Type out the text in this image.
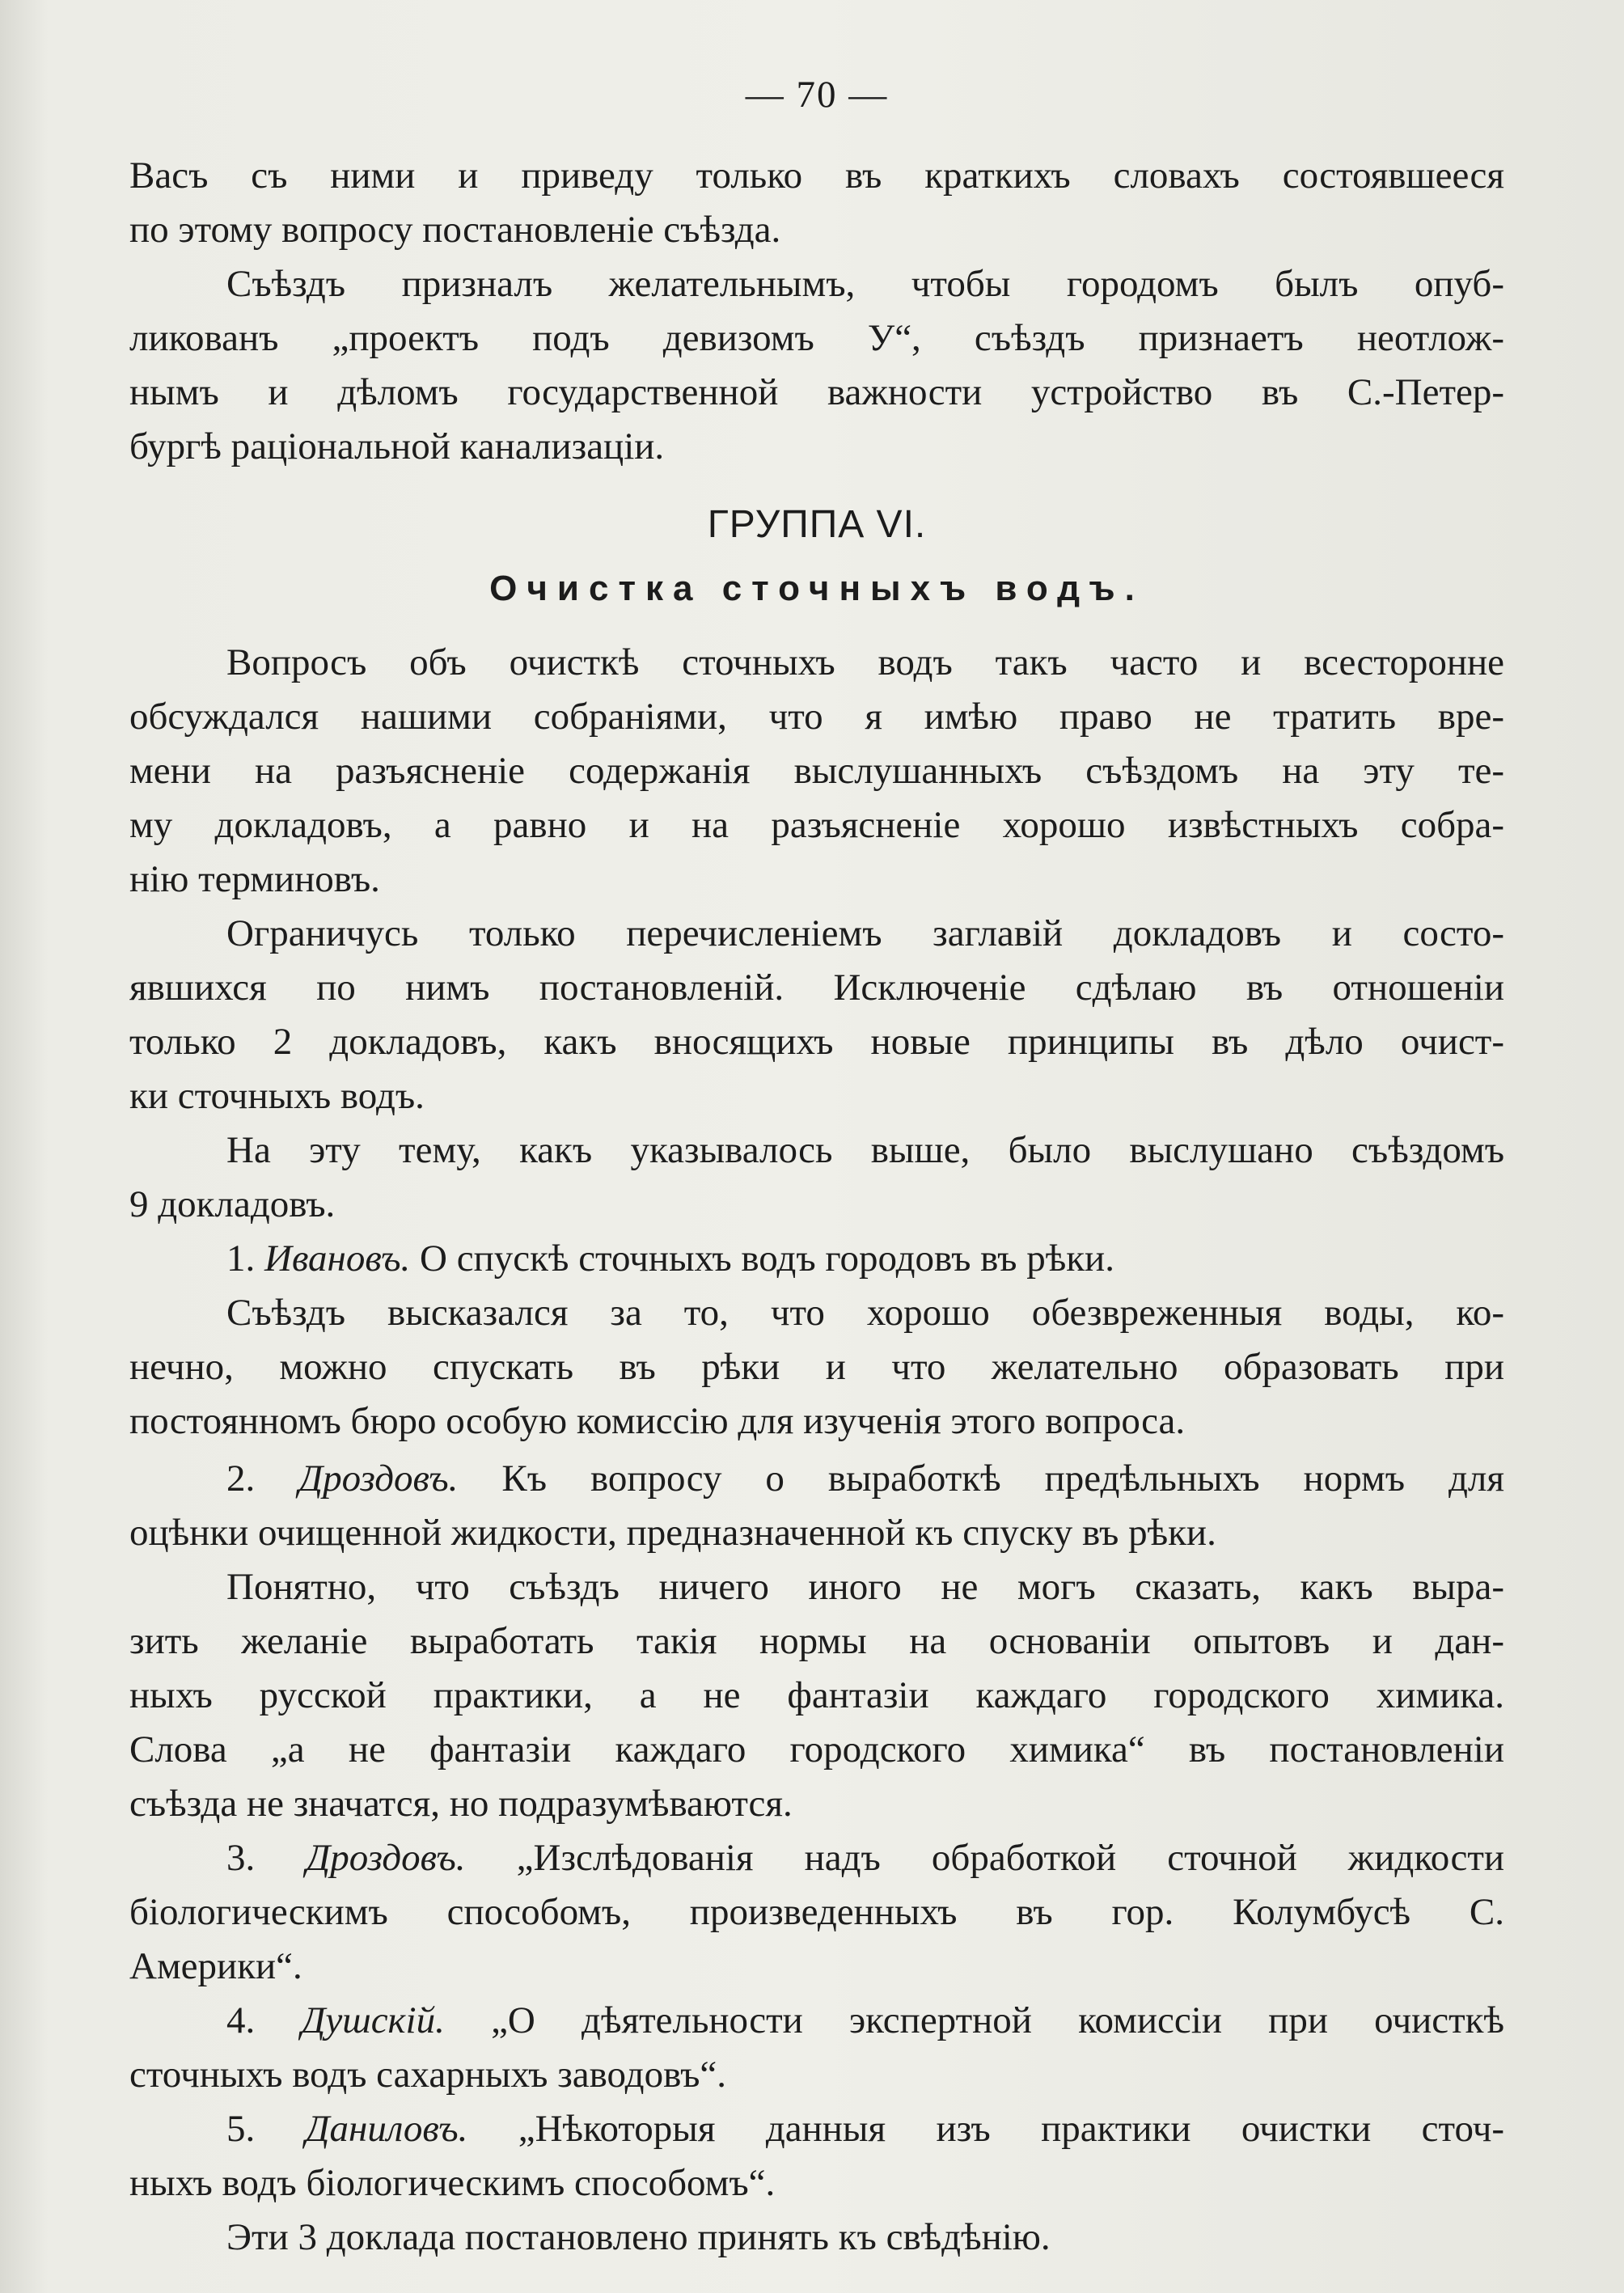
— 70 —
Васъ съ ними и приведу только въ краткихъ словахъ состоявшееся
по этому вопросу постановленіе съѣзда.
Съѣздъ призналъ желательнымъ, чтобы городомъ былъ опуб-
ликованъ „проектъ подъ девизомъ У“, съѣздъ признаетъ неотлож-
нымъ и дѣломъ государственной важности устройство въ С.-Петер-
бургѣ раціональной канализаціи.
ГРУППА VI.
Очистка сточныхъ водъ.
Вопросъ объ очисткѣ сточныхъ водъ такъ часто и всесторонне
обсуждался нашими собраніями, что я имѣю право не тратить вре-
мени на разъясненіе содержанія выслушанныхъ съѣздомъ на эту те-
му докладовъ, а равно и на разъясненіе хорошо извѣстныхъ собра-
нію терминовъ.
Ограничусь только перечисленіемъ заглавій докладовъ и состо-
явшихся по нимъ постановленій. Исключеніе сдѣлаю въ отношеніи
только 2 докладовъ, какъ вносящихъ новые принципы въ дѣло очист-
ки сточныхъ водъ.
На эту тему, какъ указывалось выше, было выслушано съѣздомъ
9 докладовъ.
1. Ивановъ. О спускѣ сточныхъ водъ городовъ въ рѣки.
Съѣздъ высказался за то, что хорошо обезвреженныя воды, ко-
нечно, можно спускать въ рѣки и что желательно образовать при
постоянномъ бюро особую комиссію для изученія этого вопроса.
2. Дроздовъ. Къ вопросу о выработкѣ предѣльныхъ нормъ для
оцѣнки очищенной жидкости, предназначенной къ спуску въ рѣки.
Понятно, что съѣздъ ничего иного не могъ сказать, какъ выра-
зить желаніе выработать такія нормы на основаніи опытовъ и дан-
ныхъ русской практики, а не фантазіи каждаго городского химика.
Слова „а не фантазіи каждаго городского химика“ въ постановленіи
съѣзда не значатся, но подразумѣваются.
3. Дроздовъ. „Изслѣдованія надъ обработкой сточной жидкости
біологическимъ способомъ, произведенныхъ въ гор. Колумбусѣ С.
Америки“.
4. Душскій. „О дѣятельности экспертной комиссіи при очисткѣ
сточныхъ водъ сахарныхъ заводовъ“.
5. Даниловъ. „Нѣкоторыя данныя изъ практики очистки сточ-
ныхъ водъ біологическимъ способомъ“.
Эти 3 доклада постановлено принять къ свѣдѣнію.
